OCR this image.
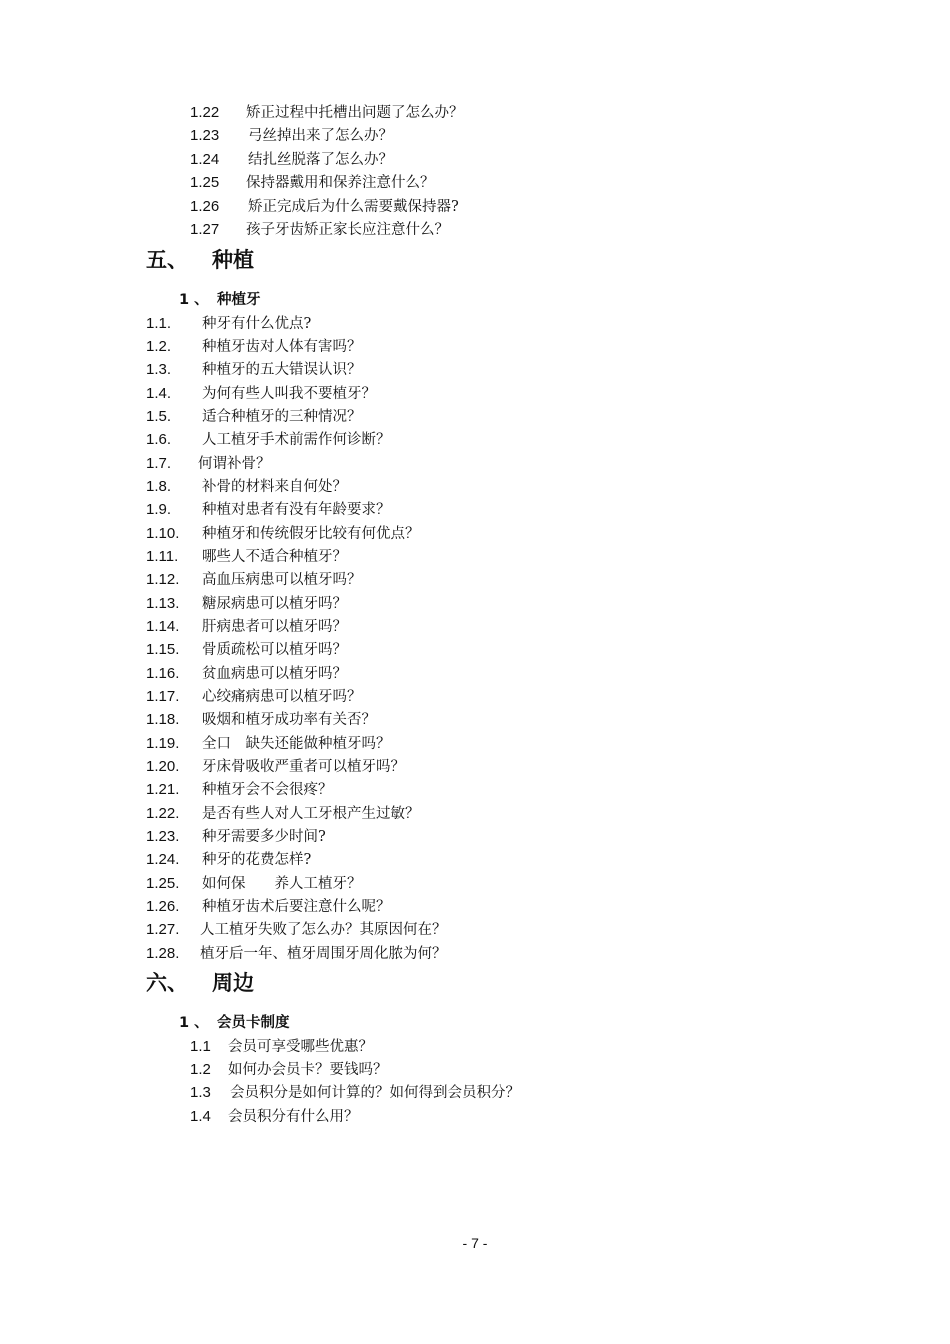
1.22 矫正过程中托槽出问题了怎么办？
1.23 弓丝掉出来了怎么办？
1.24 结扎丝脱落了怎么办？
1.25 保持器戴用和保养注意什么？
1.26 矫正完成后为什么需要戴保持器?
1.27 孩子牙齿矫正家长应注意什么？
五、 种植
1 、 种植牙
1.1. 种牙有什么优点?
1.2. 种植牙齿对人体有害吗？
1.3. 种植牙的五大错误认识？
1.4. 为何有些人叫我不要植牙？
1.5. 适合种植牙的三种情况？
1.6. 人工植牙手术前需作何诊断？
1.7. 何谓补骨？
1.8. 补骨的材料来自何处？
1.9. 种植对患者有没有年龄要求？
1.10. 种植牙和传统假牙比较有何优点？
1.11. 哪些人不适合种植牙？
1.12. 高血压病患可以植牙吗？
1.13. 糖尿病患可以植牙吗？
1.14. 肝病患者可以植牙吗？
1.15. 骨质疏松可以植牙吗？
1.16. 贫血病患可以植牙吗？
1.17. 心绞痛病患可以植牙吗？
1.18. 吸烟和植牙成功率有关否？
1.19. 全口　缺失还能做种植牙吗？
1.20. 牙床骨吸收严重者可以植牙吗？
1.21. 种植牙会不会很疼？
1.22. 是否有些人对人工牙根产生过敏？
1.23. 种牙需要多少时间?
1.24. 种牙的花费怎样?
1.25. 如何保　　养人工植牙？
1.26. 种植牙齿术后要注意什么呢？
1.27. 人工植牙失败了怎么办？其原因何在？
1.28. 植牙后一年、植牙周围牙周化脓为何？
六、 周边
1 、 会员卡制度
1.1 会员可享受哪些优惠？
1.2 如何办会员卡？要钱吗？
1.3 会员积分是如何计算的？如何得到会员积分？
1.4 会员积分有什么用？
- 7 -
